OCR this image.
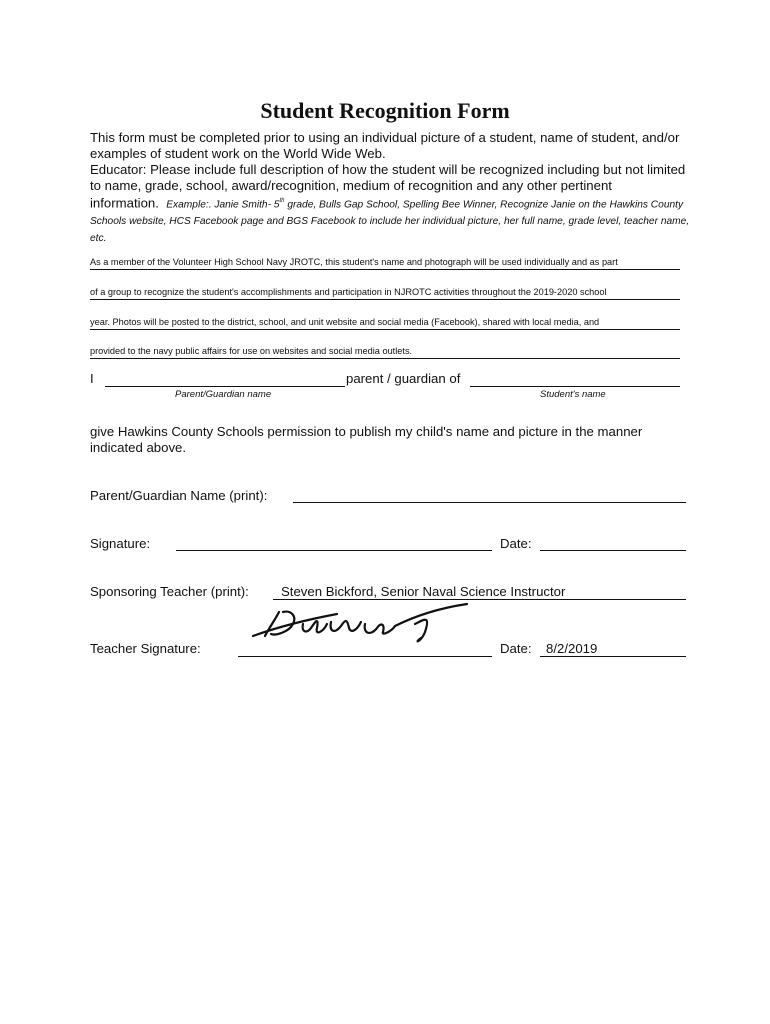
Student Recognition Form

This form must be completed prior to using an individual picture of a student, name of student, and/or examples of student work on the World Wide Web.

Educator: Please include full description of how the student will be recognized including but not limited to name, grade, school, award/recognition, medium of recognition and any other pertinent information. Example:. Janie Smith- 5th grade, Bulls Gap School, Spelling Bee Winner, Recognize Janie on the Hawkins County Schools website, HCS Facebook page and BGS Facebook to include her individual picture, her full name, grade level, teacher name, etc.

As a member of the Volunteer High School Navy JROTC, this student's name and photograph will be used individually and as part
of a group to recognize the student's accomplishments and participation in NJROTC activities throughout the 2019-2020 school
year. Photos will be posted to the district, school, and unit website and social media (Facebook), shared with local media, and
provided to the navy public affairs for use on websites and social media outlets.
I	parent / guardian of
Parent/Guardian name	Student's name
give Hawkins County Schools permission to publish my child's name and picture in the manner indicated above.
Parent/Guardian Name (print):
Signature:	Date:
Sponsoring Teacher (print): Steven Bickford, Senior Naval Science Instructor
Teacher Signature:	Date: 8/2/2019
